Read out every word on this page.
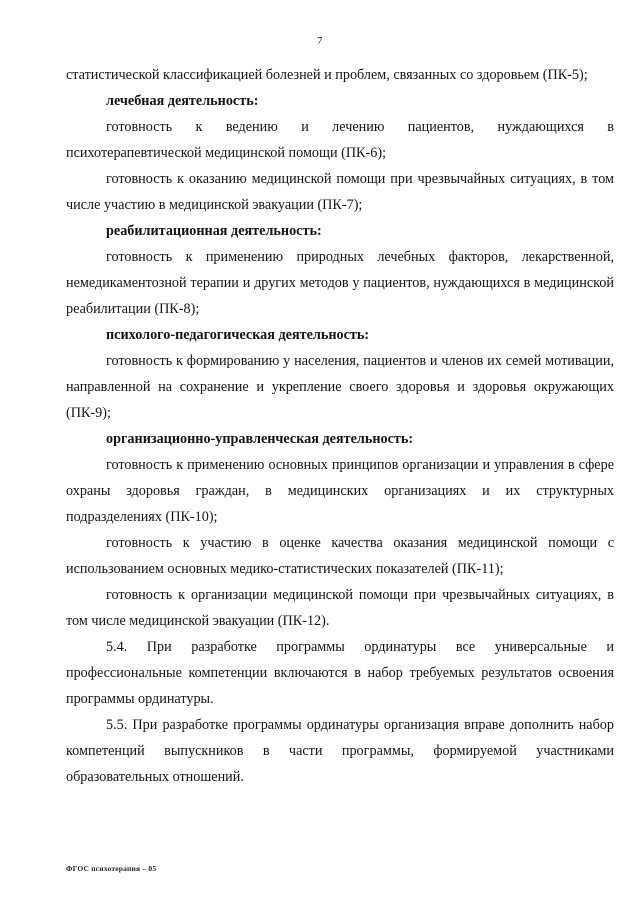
7

статистической классификацией болезней и проблем, связанных со здоровьем (ПК-5);

лечебная деятельность:

готовность к ведению и лечению пациентов, нуждающихся в психотерапевтической медицинской помощи (ПК-6);

готовность к оказанию медицинской помощи при чрезвычайных ситуациях, в том числе участию в медицинской эвакуации (ПК-7);

реабилитационная деятельность:

готовность к применению природных лечебных факторов, лекарственной, немедикаментозной терапии и других методов у пациентов, нуждающихся в медицинской реабилитации (ПК-8);

психолого-педагогическая деятельность:

готовность к формированию у населения, пациентов и членов их семей мотивации, направленной на сохранение и укрепление своего здоровья и здоровья окружающих (ПК-9);

организационно-управленческая деятельность:

готовность к применению основных принципов организации и управления в сфере охраны здоровья граждан, в медицинских организациях и их структурных подразделениях (ПК-10);

готовность к участию в оценке качества оказания медицинской помощи с использованием основных медико-статистических показателей (ПК-11);

готовность к организации медицинской помощи при чрезвычайных ситуациях, в том числе медицинской эвакуации (ПК-12).

5.4. При разработке программы ординатуры все универсальные и профессиональные компетенции включаются в набор требуемых результатов освоения программы ординатуры.

5.5. При разработке программы ординатуры организация вправе дополнить набор компетенций выпускников в части программы, формируемой участниками образовательных отношений.

ФГОС психотерапия – 05
